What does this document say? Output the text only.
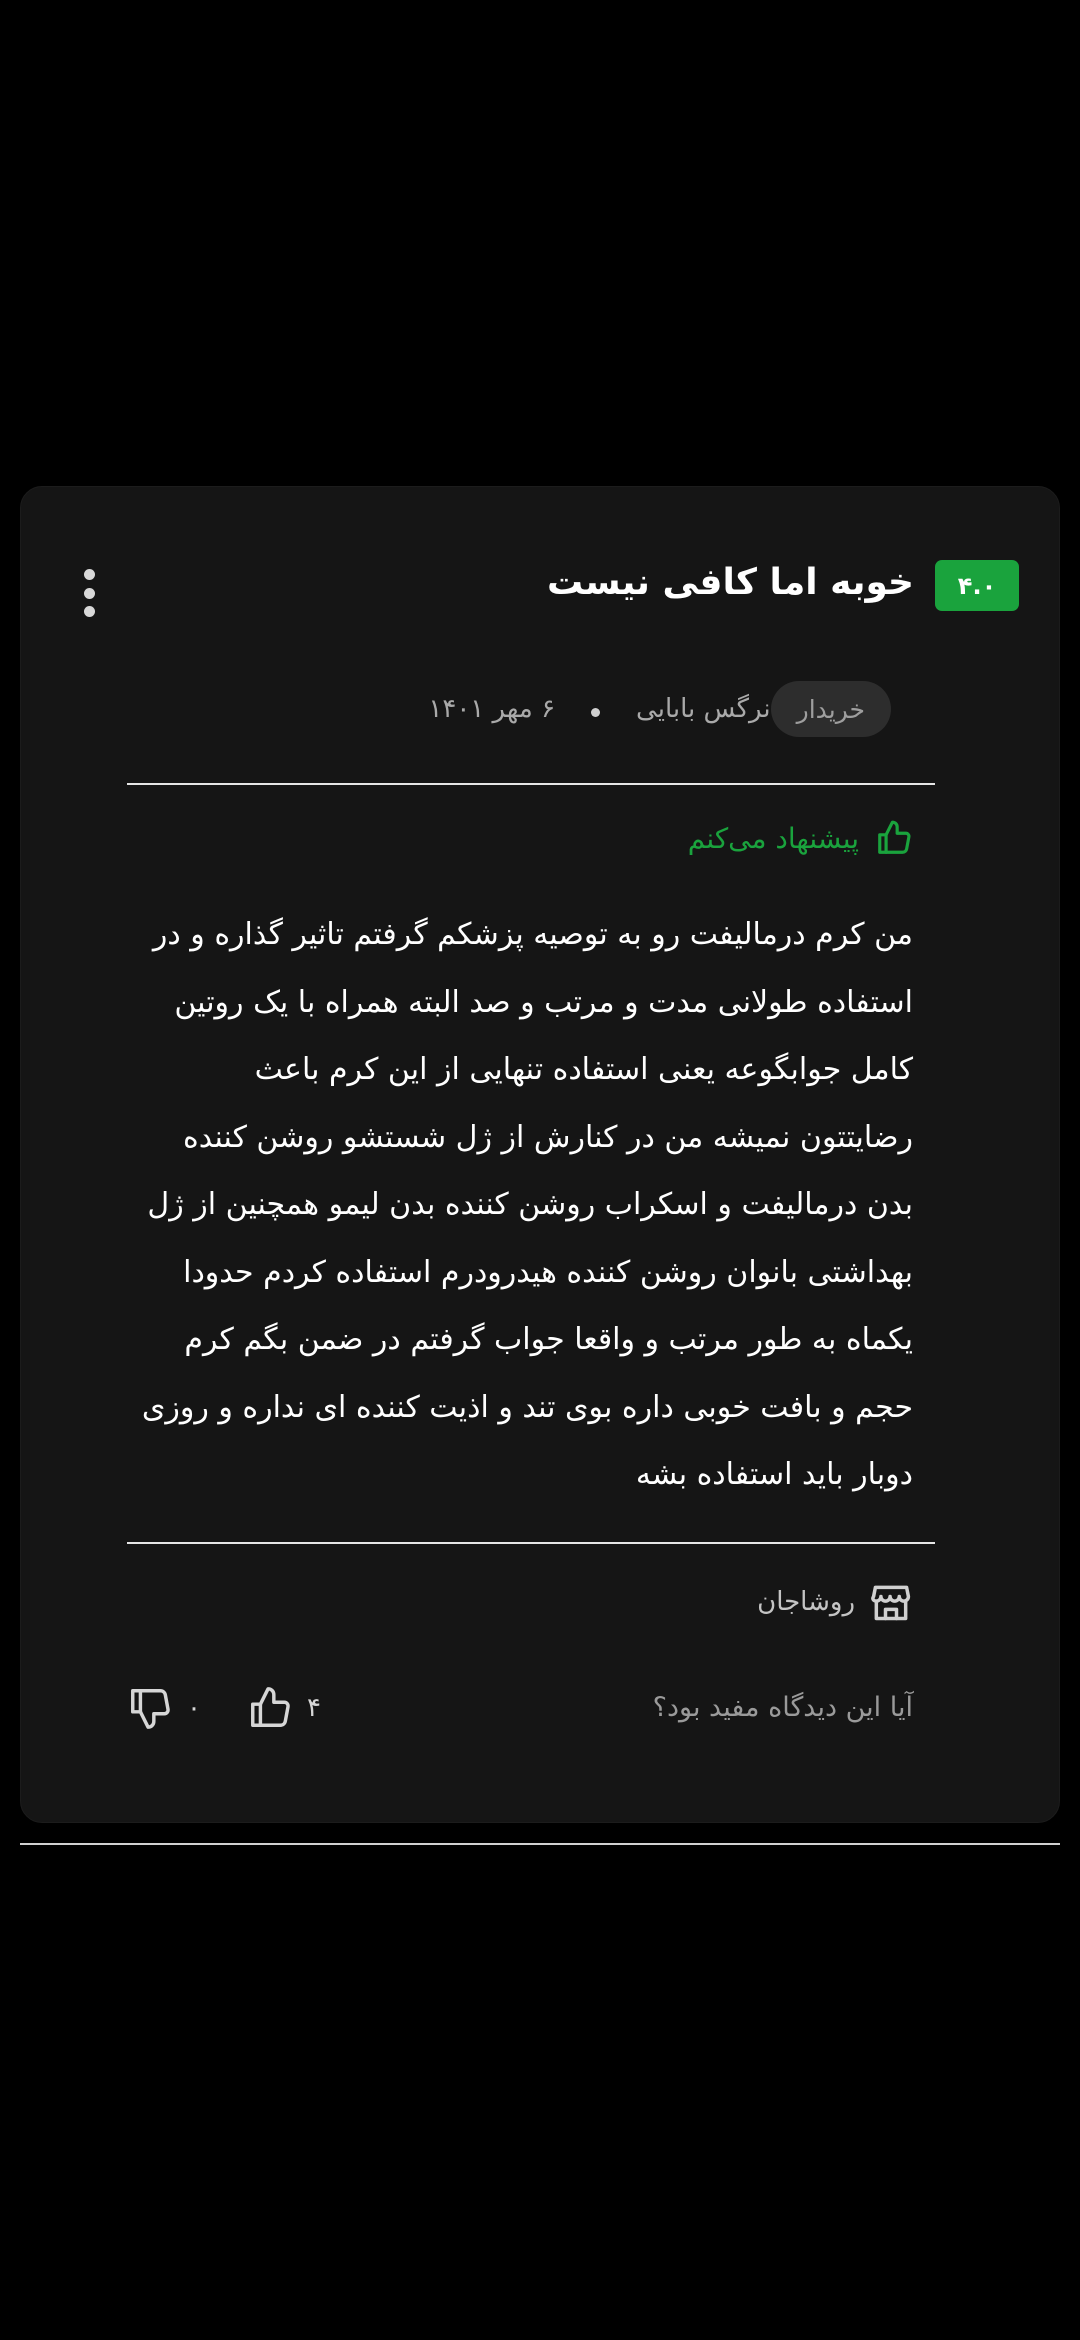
۴.۰
خوبه اما کافی نیست
۶ مهر ۱۴۰۱	نرگس بابایی	خریدار
پیشنهاد می‌کنم
من کرم درمالیفت رو به توصیه پزشکم گرفتم تاثیر گذاره و در استفاده طولانی مدت و مرتب و صد البته همراه با یک روتین کامل جوابگوعه یعنی استفاده تنهایی از این کرم باعث رضایتتون نمیشه من در کنارش از ژل شستشو روشن کننده بدن درمالیفت و اسکراب روشن کننده بدن لیمو همچنین از ژل بهداشتی بانوان روشن کننده هیدرودرم استفاده کردم حدودا یکماه به طور مرتب و واقعا جواب گرفتم در ضمن بگم کرم حجم و بافت خوبی داره بوی تند و اذیت کننده ای نداره و روزی دوبار باید استفاده بشه
روشاجان
آیا این دیدگاه مفید بود؟
۴
۰
